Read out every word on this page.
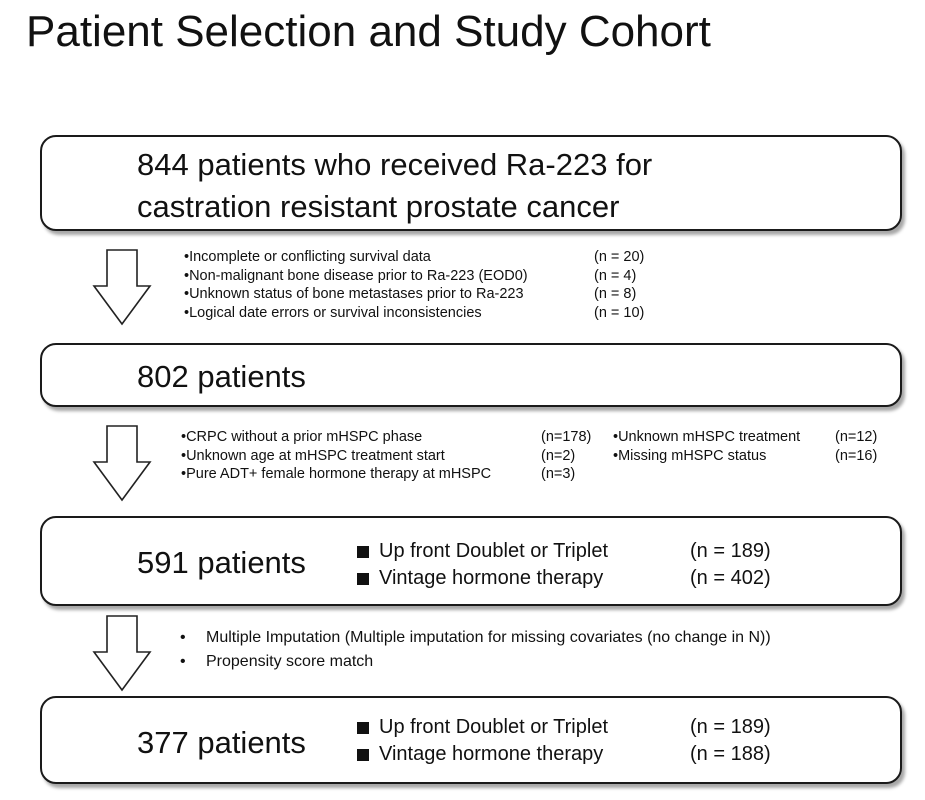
Patient Selection and Study Cohort
844 patients who received Ra-223 for
castration resistant prostate cancer
•Incomplete or conflicting survival data	(n = 20)
•Non-malignant bone disease prior to Ra-223 (EOD0)	(n = 4)
•Unknown status of bone metastases prior to Ra-223	(n = 8)
•Logical date errors or survival inconsistencies	(n = 10)
802 patients
•CRPC without a prior mHSPC phase	(n=178)
•Unknown age at mHSPC treatment start	(n=2)
•Pure ADT+ female hormone therapy at mHSPC	(n=3)
•Unknown mHSPC treatment (n=12)
•Missing mHSPC status	(n=16)
591 patients	Up front Doublet or Triplet	(n = 189)
Vintage hormone therapy	(n = 402)
• Multiple Imputation (Multiple imputation for missing covariates (no change in N))
• Propensity score match
377 patients	Up front Doublet or Triplet	(n = 189)
Vintage hormone therapy	(n = 188)
